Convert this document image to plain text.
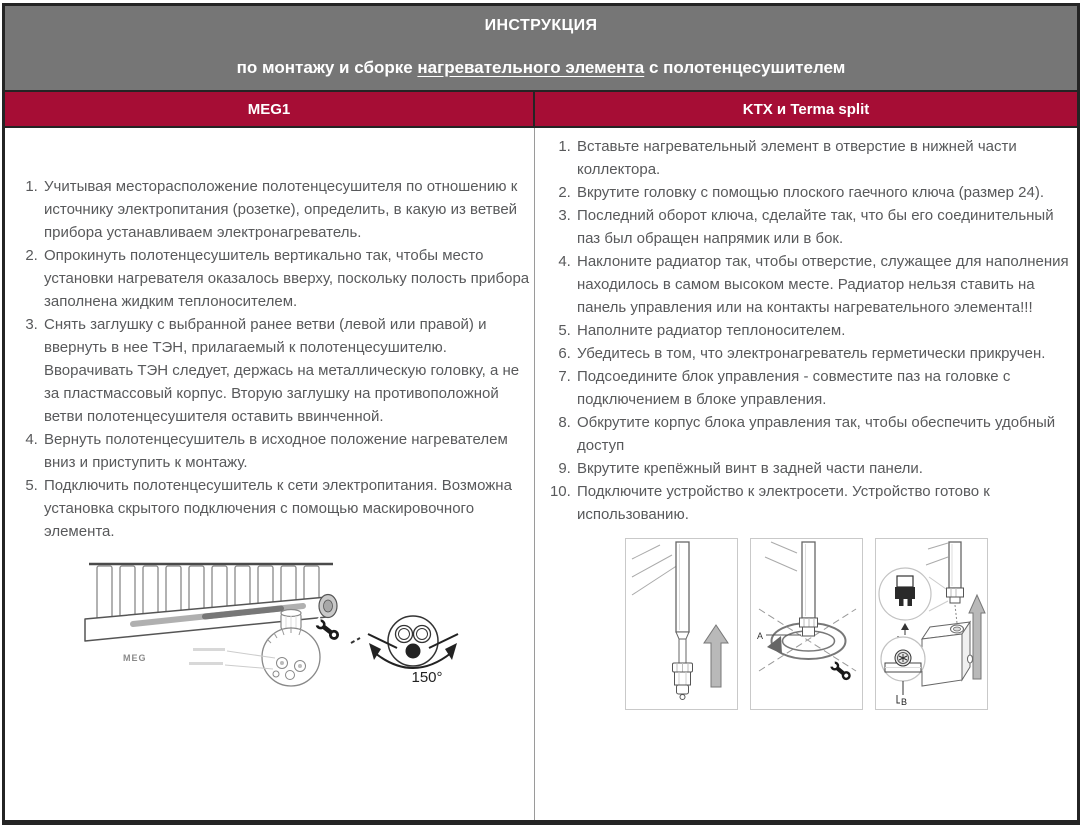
ИНСТРУКЦИЯ
по монтажу и сборке нагревательного элемента с полотенцесушителем
MEG1	KTX и Terma split
1. Учитывая месторасположение полотенцесушителя по отношению к источнику электропитания (розетке), определить, в какую из ветвей прибора устанавливаем электронагреватель.
2. Опрокинуть полотенцесушитель вертикально так, чтобы место установки нагревателя оказалось вверху, поскольку полость прибора заполнена жидким теплоносителем.
3. Снять заглушку с выбранной ранее ветви (левой или правой) и ввернуть в нее ТЭН, прилагаемый к полотенцесушителю. Вворачивать ТЭН следует, держась на металлическую головку, а не за пластмассовый корпус. Вторую заглушку на противоположной ветви полотенцесушителя оставить ввинченной.
4. Вернуть полотенцесушитель в исходное положение нагревателем вниз и приступить к монтажу.
5. Подключить полотенцесушитель к сети электропитания. Возможна установка скрытого подключения с помощью маскировочного элемента.
MEG
150°
1. Вставьте нагревательный элемент в отверстие в нижней части коллектора.
2. Вкрутите головку с помощью плоского гаечного ключа (размер 24).
3. Последний оборот ключа, сделайте так, что бы его соединительный паз был обращен напрямик или в бок.
4. Наклоните радиатор так, чтобы отверстие, служащее для наполнения находилось в самом высоком месте. Радиатор нельзя ставить на панель управления или на контакты нагревательного элемента!!!
5. Наполните радиатор теплоносителем.
6. Убедитесь в том, что электронагреватель герметически прикручен.
7. Подсоедините блок управления - совместите паз на головке с подключением в блоке управления.
8. Обкрутите корпус блока управления так, чтобы обеспечить удобный доступ
9. Вкрутите крепёжный винт в задней части панели.
10. Подключите устройство к электросети. Устройство готово к использованию.
A
B
